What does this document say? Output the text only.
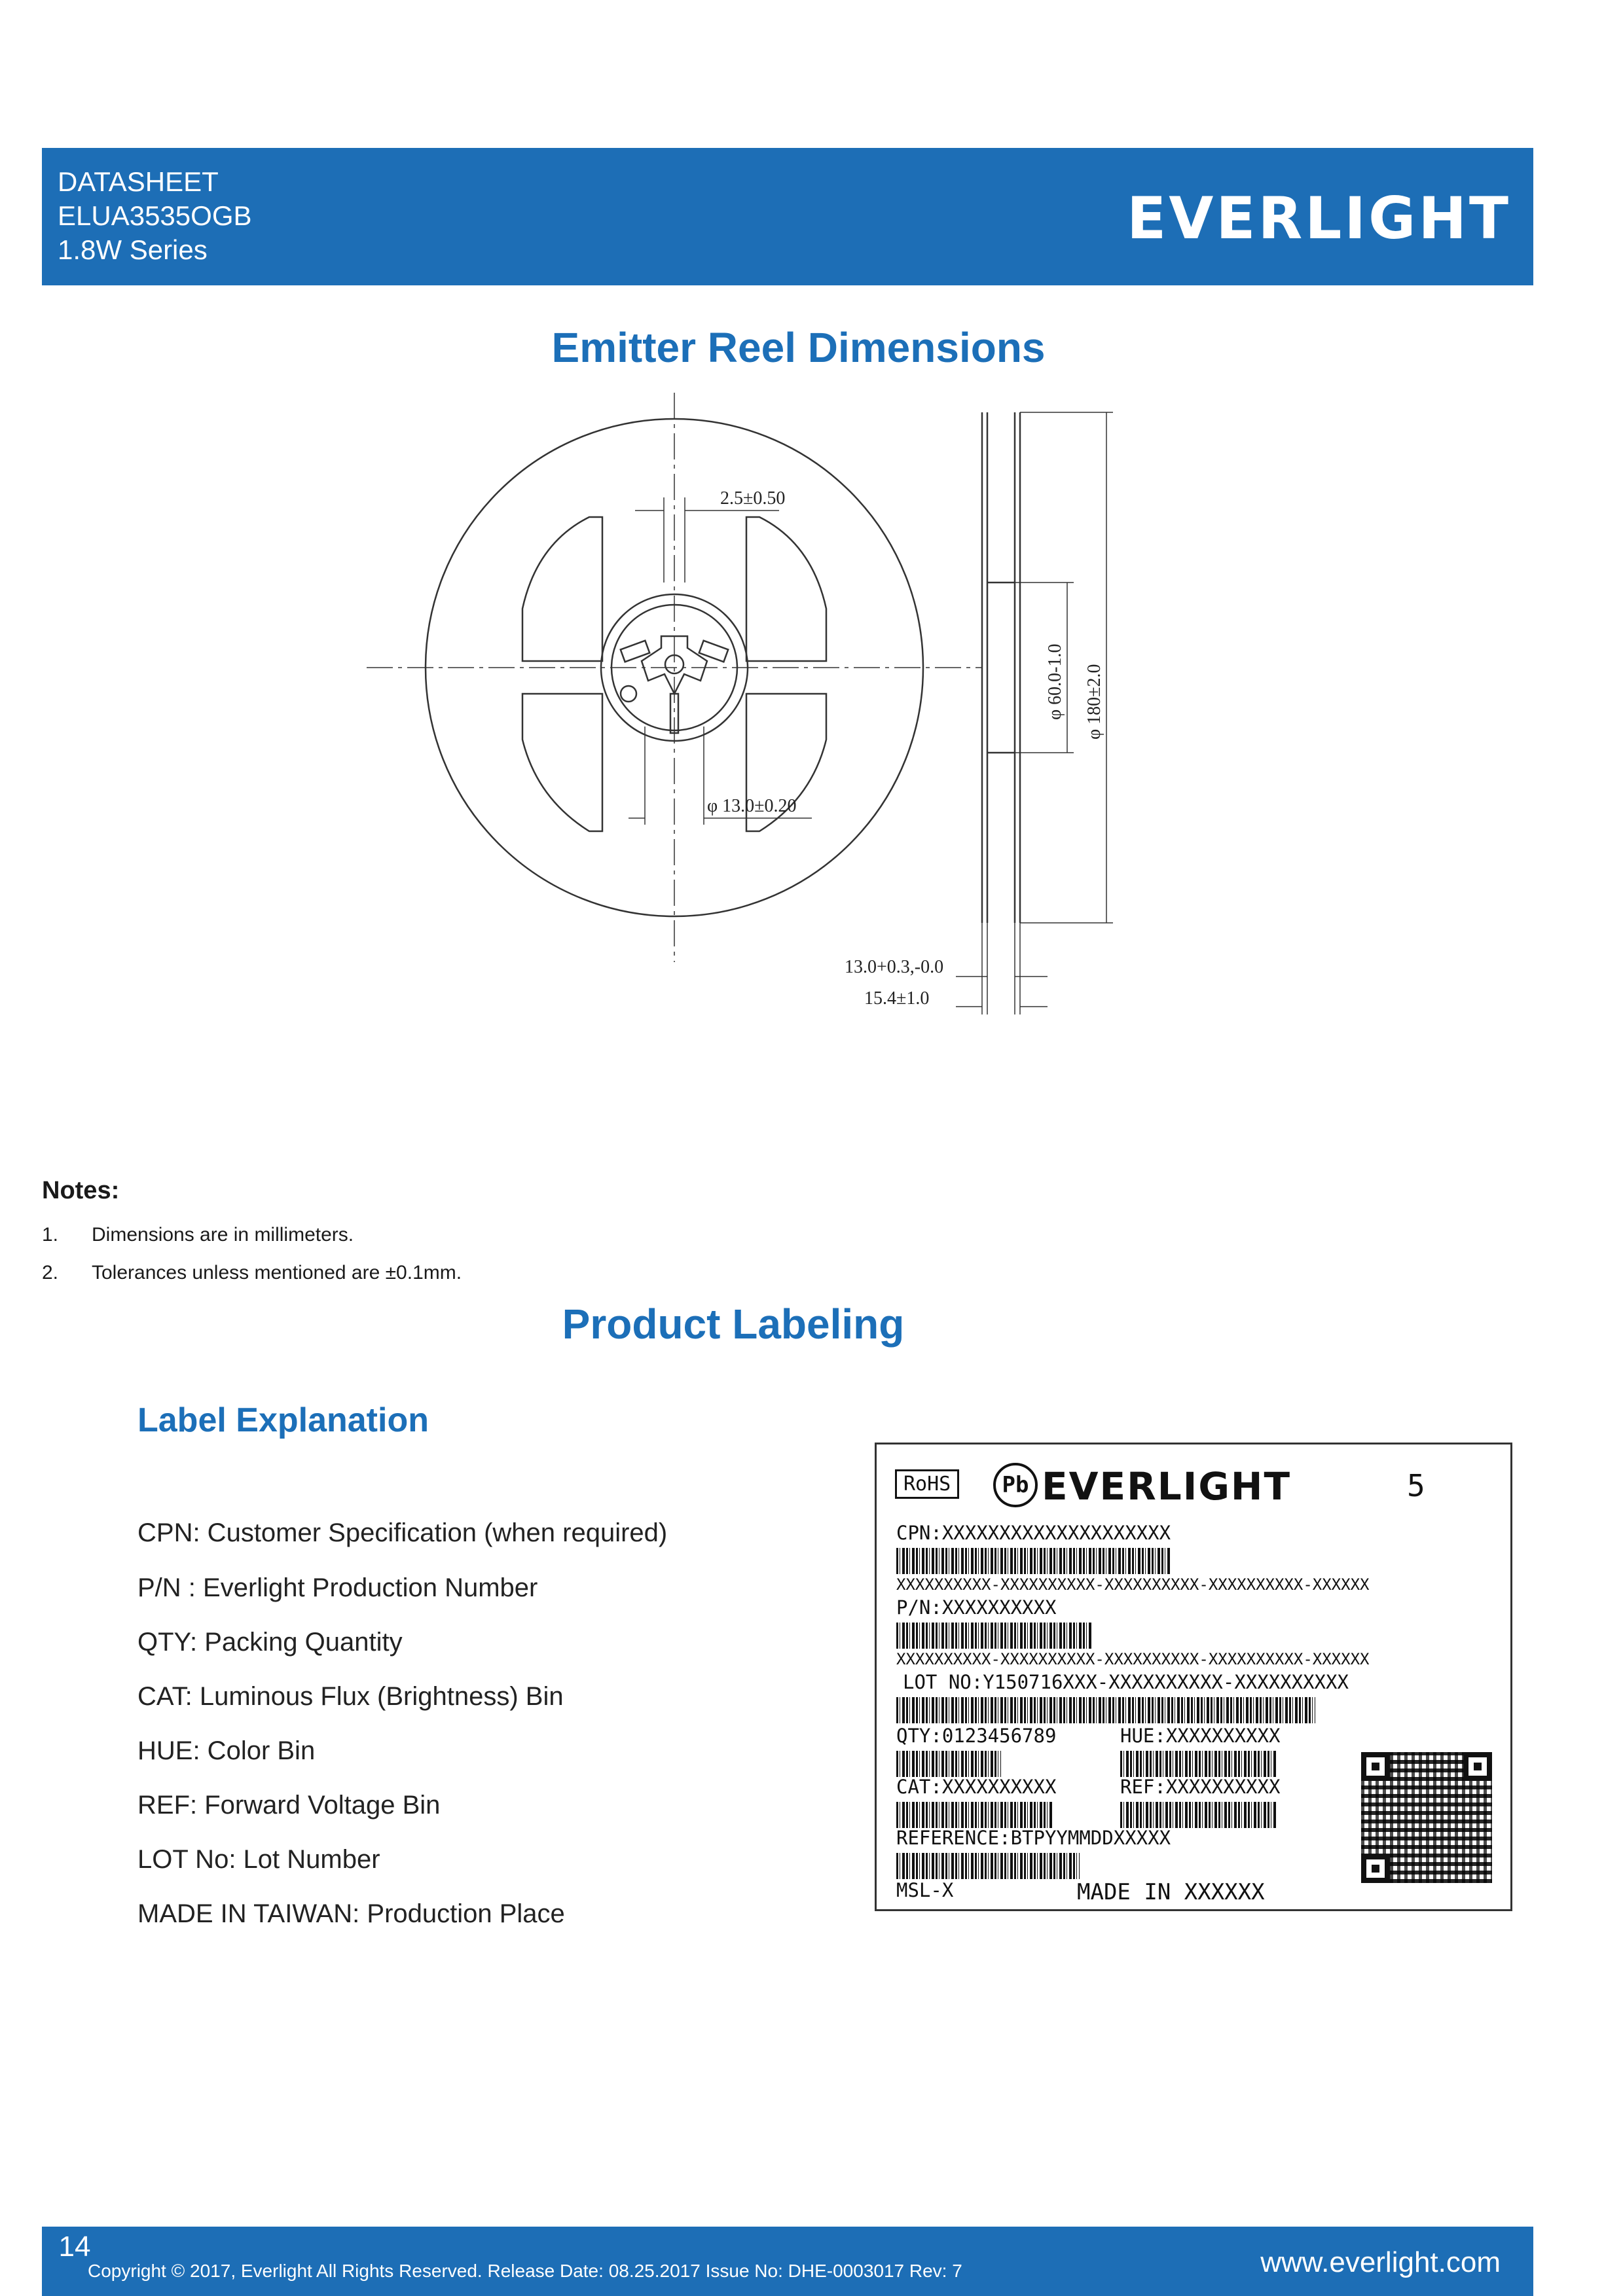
DATASHEET
ELUA3535OGB
1.8W Series	EVERLIGHT
Emitter Reel Dimensions
2.5±0.50
φ 13.0±0.20
φ 60.0-1.0 φ 180±2.0
13.0+0.3,-0.0
15.4±1.0
Notes:
1. Dimensions are in millimeters.
2. Tolerances unless mentioned are ±0.1mm.
Product Labeling
Label Explanation
CPN: Customer Specification (when required)
P/N : Everlight Production Number
QTY: Packing Quantity
CAT: Luminous Flux (Brightness) Bin
HUE: Color Bin
REF: Forward Voltage Bin
LOT No: Lot Number
MADE IN TAIWAN: Production Place
RoHS	Pb EVERLIGHT	5
CPN:XXXXXXXXXXXXXXXXXXXX
XXXXXXXXXX-XXXXXXXXXX-XXXXXXXXXX-XXXXXXXXXX-XXXXXX
P/N:XXXXXXXXXX
XXXXXXXXXX-XXXXXXXXXX-XXXXXXXXXX-XXXXXXXXXX-XXXXXX
LOT NO:Y150716XXX-XXXXXXXXXX-XXXXXXXXXX
QTY:0123456789	HUE:XXXXXXXXXX
CAT:XXXXXXXXXX	REF:XXXXXXXXXX
REFERENCE:BTPYYMMDDXXXXX
MSL-X	MADE IN XXXXXX
14
Copyright © 2017, Everlight All Rights Reserved. Release Date: 08.25.2017 Issue No: DHE-0003017 Rev: 7	www.everlight.com
